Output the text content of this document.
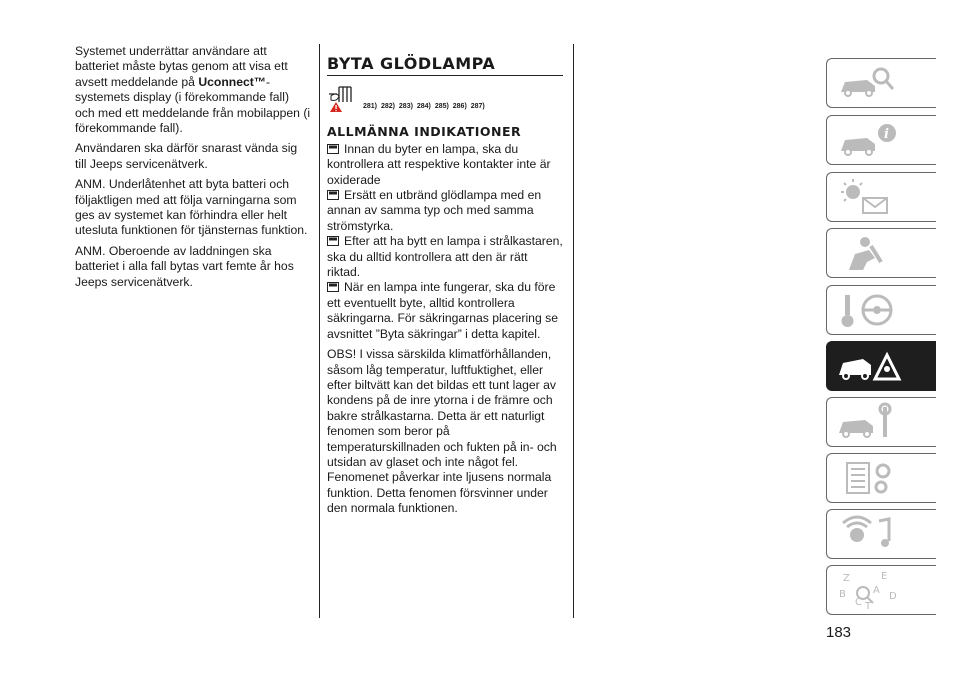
Systemet underrättar användare att batteriet måste bytas genom att visa ett avsett meddelande på Uconnect™-systemets display (i förekommande fall) och med ett meddelande från mobilappen (i förekommande fall).

Användaren ska därför snarast vända sig till Jeeps servicenätverk.

ANM. Underlåtenhet att byta batteri och följaktligen med att följa varningarna som ges av systemet kan förhindra eller helt utesluta funktionen för tjänsternas funktion.

ANM. Oberoende av laddningen ska batteriet i alla fall bytas vart femte år hos Jeeps servicenätverk.

BYTA GLÖDLAMPA
281) 282) 283) 284) 285) 286) 287)
ALLMÄNNA INDIKATIONER
Innan du byter en lampa, ska du kontrollera att respektive kontakter inte är oxiderade
Ersätt en utbränd glödlampa med en annan av samma typ och med samma strömstyrka.
Efter att ha bytt en lampa i strålkastaren, ska du alltid kontrollera att den är rätt riktad.
När en lampa inte fungerar, ska du före ett eventuellt byte, alltid kontrollera säkringarna. För säkringarnas placering se avsnittet ”Byta säkringar” i detta kapitel.

OBS! I vissa särskilda klimatförhållanden, såsom låg temperatur, luftfuktighet, eller efter biltvätt kan det bildas ett tunt lager av kondens på de inre ytorna i de främre och bakre strålkastarna. Detta är ett naturligt fenomen som beror på temperaturskillnaden och fukten på in- och utsidan av glaset och inte något fel. Fenomenet påverkar inte ljusens normala funktion. Detta fenomen försvinner under den normala funktionen.

i
Z	E
B	A
C
D
T
183
